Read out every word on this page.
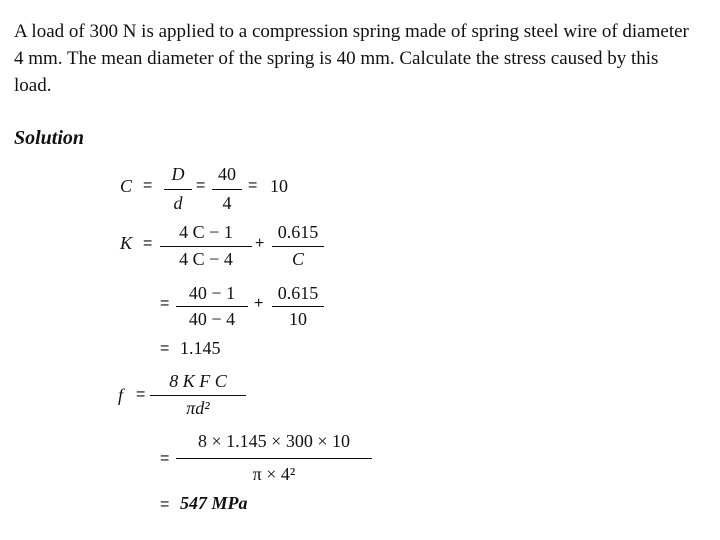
A load of 300 N is applied to a compression spring made of spring steel wire of diameter
4 mm. The mean diameter of the spring is 40 mm. Calculate the stress caused by this
load.
Solution
C =
D
d
=
40
4
= 10
K =
4 C − 1
4 C − 4
+
0.615
C
=
40 − 1
40 − 4
+
0.615
10
= 1.145
f =
8 K F C
πd²
=
8 × 1.145 × 300 × 10
π × 4²
= 547 MPa
